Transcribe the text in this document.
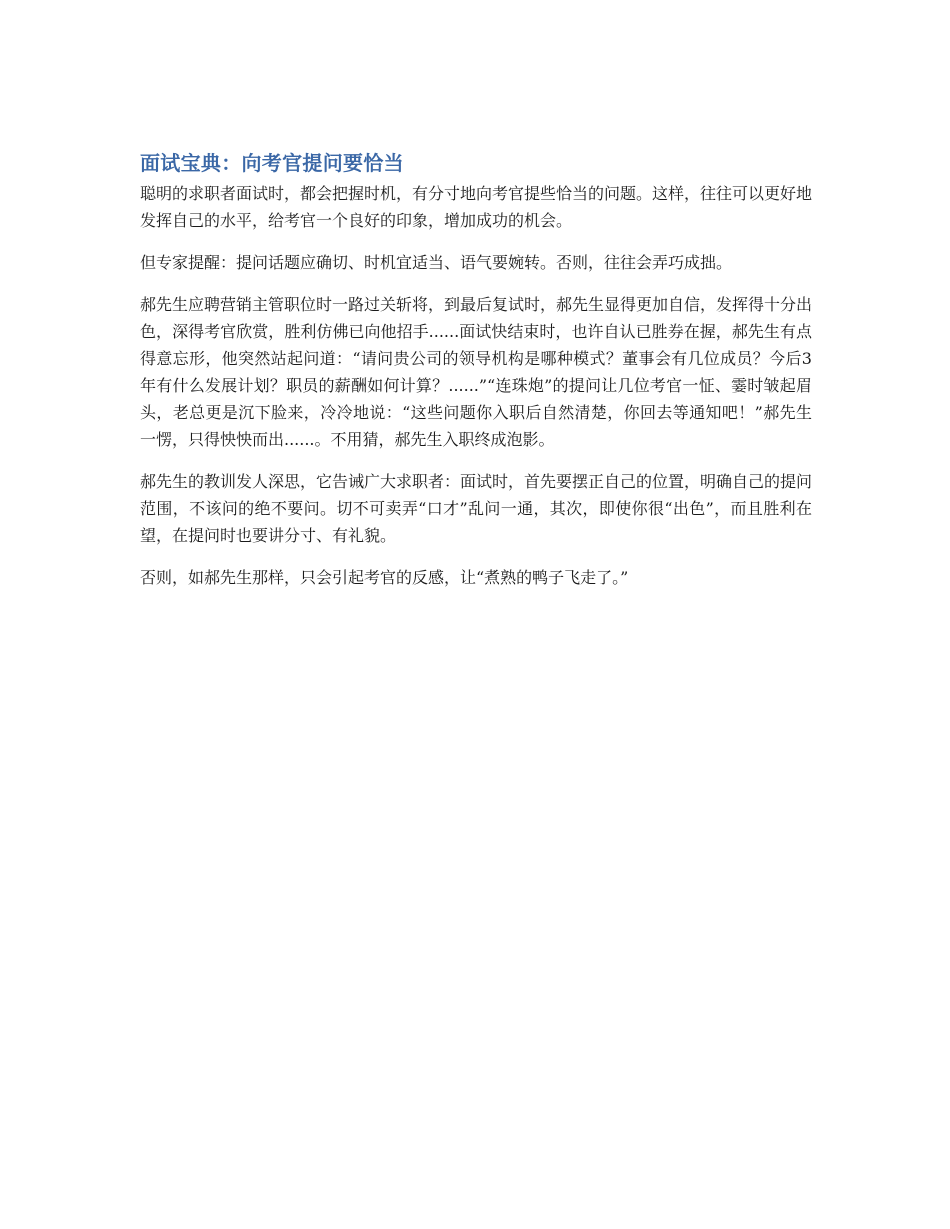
面试宝典：向考官提问要恰当

聪明的求职者面试时，都会把握时机，有分寸地向考官提些恰当的问题。这样，往往可以更好地发挥自己的水平，给考官一个良好的印象，增加成功的机会。

但专家提醒：提问话题应确切、时机宜适当、语气要婉转。否则，往往会弄巧成拙。

郝先生应聘营销主管职位时一路过关斩将，到最后复试时，郝先生显得更加自信，发挥得十分出色，深得考官欣赏，胜利仿佛已向他招手......面试快结束时，也许自认已胜券在握，郝先生有点得意忘形，他突然站起问道：“请问贵公司的领导机构是哪种模式？董事会有几位成员？今后3年有什么发展计划？职员的薪酬如何计算？......”“连珠炮”的提问让几位考官一怔、霎时皱起眉头，老总更是沉下脸来，冷冷地说：“这些问题你入职后自然清楚，你回去等通知吧！”郝先生一愣，只得怏怏而出......。不用猜，郝先生入职终成泡影。

郝先生的教训发人深思，它告诫广大求职者：面试时，首先要摆正自己的位置，明确自己的提问范围，不该问的绝不要问。切不可卖弄“口才”乱问一通，其次，即使你很“出色”，而且胜利在望，在提问时也要讲分寸、有礼貌。

否则，如郝先生那样，只会引起考官的反感，让“煮熟的鸭子飞走了。”
